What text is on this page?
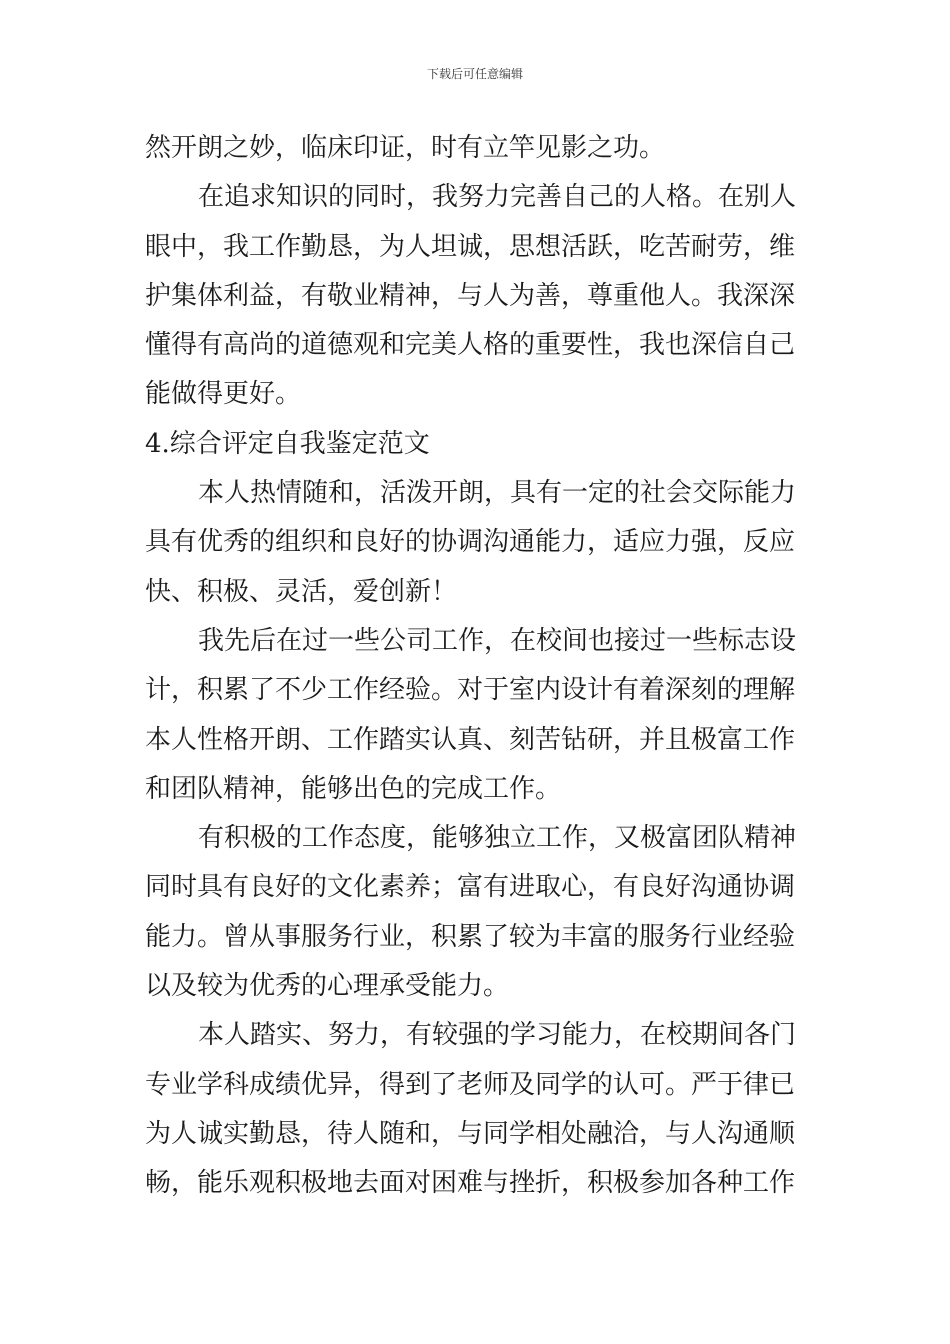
下载后可任意编辑
然开朗之妙，临床印证，时有立竿见影之功。
在追求知识的同时，我努力完善自己的人格。在别人
眼中，我工作勤恳，为人坦诚，思想活跃，吃苦耐劳，维
护集体利益，有敬业精神，与人为善，尊重他人。我深深
懂得有高尚的道德观和完美人格的重要性，我也深信自己
能做得更好。
4.综合评定自我鉴定范文
本人热情随和，活泼开朗，具有一定的社会交际能力
具有优秀的组织和良好的协调沟通能力，适应力强，反应
快、积极、灵活，爱创新！
我先后在过一些公司工作，在校间也接过一些标志设
计，积累了不少工作经验。对于室内设计有着深刻的理解
本人性格开朗、工作踏实认真、刻苦钻研，并且极富工作
和团队精神，能够出色的完成工作。
有积极的工作态度，能够独立工作，又极富团队精神
同时具有良好的文化素养；富有进取心，有良好沟通协调
能力。曾从事服务行业，积累了较为丰富的服务行业经验
以及较为优秀的心理承受能力。
本人踏实、努力，有较强的学习能力，在校期间各门
专业学科成绩优异，得到了老师及同学的认可。严于律已
为人诚实勤恳，待人随和，与同学相处融洽，与人沟通顺
畅，能乐观积极地去面对困难与挫折，积极参加各种工作
